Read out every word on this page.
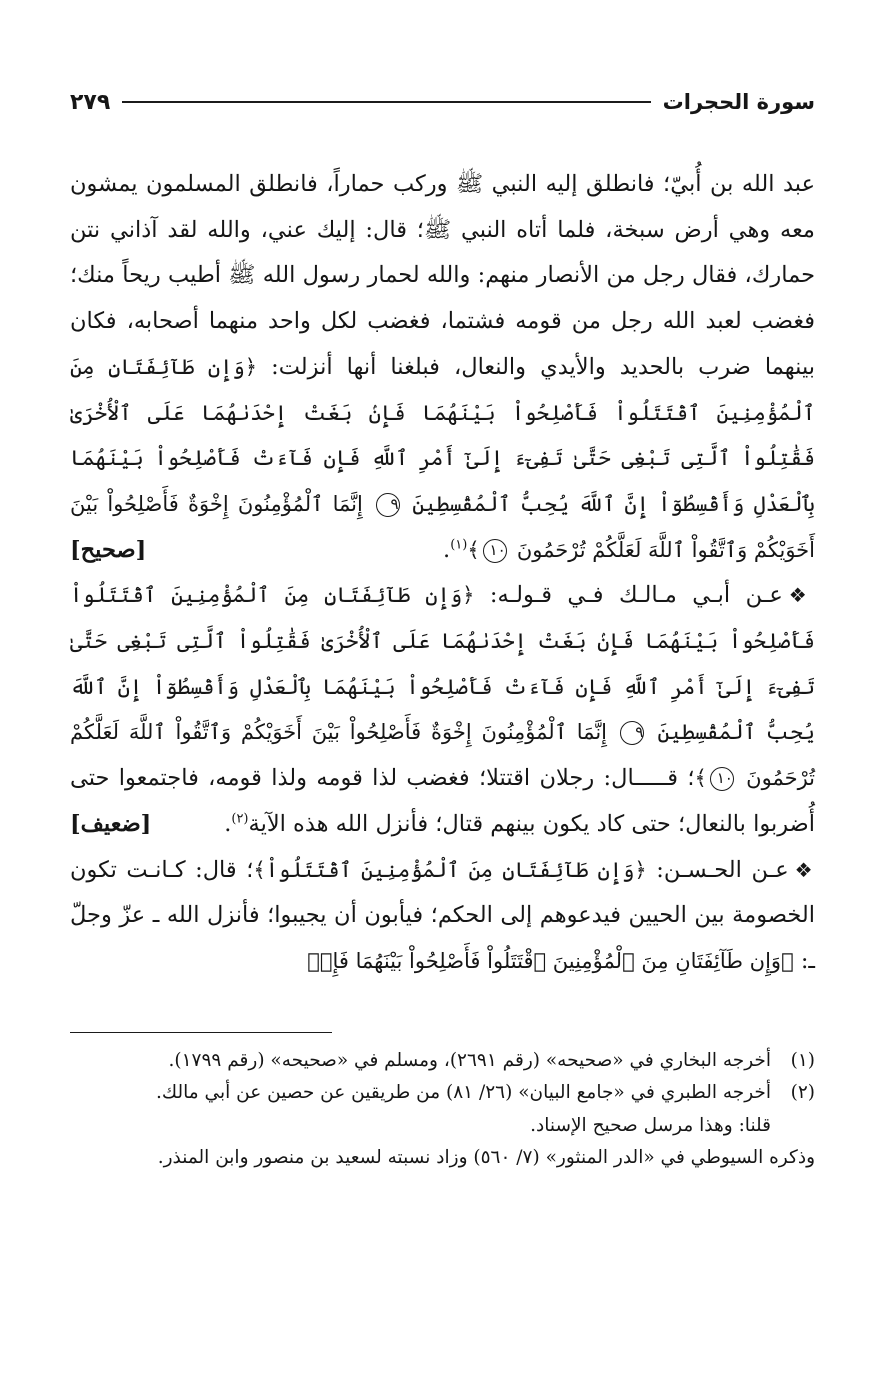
سورة الحجرات
٢٧٩

عبد الله بن أُبيّ؛ فانطلق إليه النبي ﷺ وركب حماراً، فانطلق المسلمون يمشون معه وهي أرض سبخة، فلما أتاه النبي ﷺ؛ قال: إليك عني، والله لقد آذاني نتن حمارك، فقال رجل من الأنصار منهم: والله لحمار رسول الله ﷺ أطيب ريحاً منك؛ فغضب لعبد الله رجل من قومه فشتما، فغضب لكل واحد منهما أصحابه، فكان بينهما ضرب بالحديد والأيدي والنعال، فبلغنا أنها أنزلت: ﴿وَإِن طَآئِفَتَانِ مِنَ ٱلْمُؤْمِنِينَ ٱقْتَتَلُواْ فَأَصْلِحُواْ بَيْنَهُمَا فَإِنۢ بَغَتْ إِحْدَىٰهُمَا عَلَى ٱلْأُخْرَىٰ فَقَٰتِلُواْ ٱلَّتِى تَبْغِى حَتَّىٰ تَفِىٓءَ إِلَىٰٓ أَمْرِ ٱللَّهِ فَإِن فَآءَتْ فَأَصْلِحُواْ بَيْنَهُمَا بِٱلْعَدْلِ وَأَقْسِطُوٓاْ إِنَّ ٱللَّهَ يُحِبُّ ٱلْمُقْسِطِينَ ٩ إِنَّمَا ٱلْمُؤْمِنُونَ إِخْوَةٌ فَأَصْلِحُواْ بَيْنَ أَخَوَيْكُمْ وَٱتَّقُواْ ٱللَّهَ لَعَلَّكُمْ تُرْحَمُونَ ١٠﴾$^{(١)}$.
[صحيح]

❖عـن أبـي مـالـك فـي قـولـه: ﴿وَإِن طَآئِفَتَانِ مِنَ ٱلْمُؤْمِنِينَ ٱقْتَتَلُواْ فَأَصْلِحُواْ بَيْنَهُمَا فَإِنۢ بَغَتْ إِحْدَىٰهُمَا عَلَى ٱلْأُخْرَىٰ فَقَٰتِلُواْ ٱلَّتِى تَبْغِى حَتَّىٰ تَفِىٓءَ إِلَىٰٓ أَمْرِ ٱللَّهِ فَإِن فَآءَتْ فَأَصْلِحُواْ بَيْنَهُمَا بِٱلْعَدْلِ وَأَقْسِطُوٓاْ إِنَّ ٱللَّهَ يُحِبُّ ٱلْمُقْسِطِينَ ٩ إِنَّمَا ٱلْمُؤْمِنُونَ إِخْوَةٌ فَأَصْلِحُواْ بَيْنَ أَخَوَيْكُمْ وَٱتَّقُواْ ٱللَّهَ لَعَلَّكُمْ تُرْحَمُونَ ١٠﴾؛ قـــــال: رجلان اقتتلا؛ فغضب لذا قومه ولذا قومه، فاجتمعوا حتى أُضربوا بالنعال؛ حتى كاد يكون بينهم قتال؛ فأنزل الله هذه الآية$^{(٢)}$.
[ضعيف]

❖عـن الحـسـن: ﴿وَإِن طَآئِفَتَانِ مِنَ ٱلْمُؤْمِنِينَ ٱقْتَتَلُواْ﴾؛ قال: كـانـت تكون الخصومة بين الحيين فيدعوهم إلى الحكم؛ فيأبون أن يجيبوا؛ فأنزل الله ـ عزّ وجلّ ـ: ﴿وَإِن طَآئِفَتَانِ مِنَ ٱلْمُؤْمِنِينَ ٱقْتَتَلُواْ فَأَصْلِحُواْ بَيْنَهُمَا فَإِنۢ

(١)
أخرجه البخاري في «صحيحه» (رقم ٢٦٩١)، ومسلم في «صحيحه» (رقم ١٧٩٩).

(٢)
أخرجه الطبري في «جامع البيان» (٢٦/ ٨١) من طريقين عن حصين عن أبي مالك.

قلنا: وهذا مرسل صحيح الإسناد.

وذكره السيوطي في «الدر المنثور» (٧/ ٥٦٠) وزاد نسبته لسعيد بن منصور وابن المنذر.
